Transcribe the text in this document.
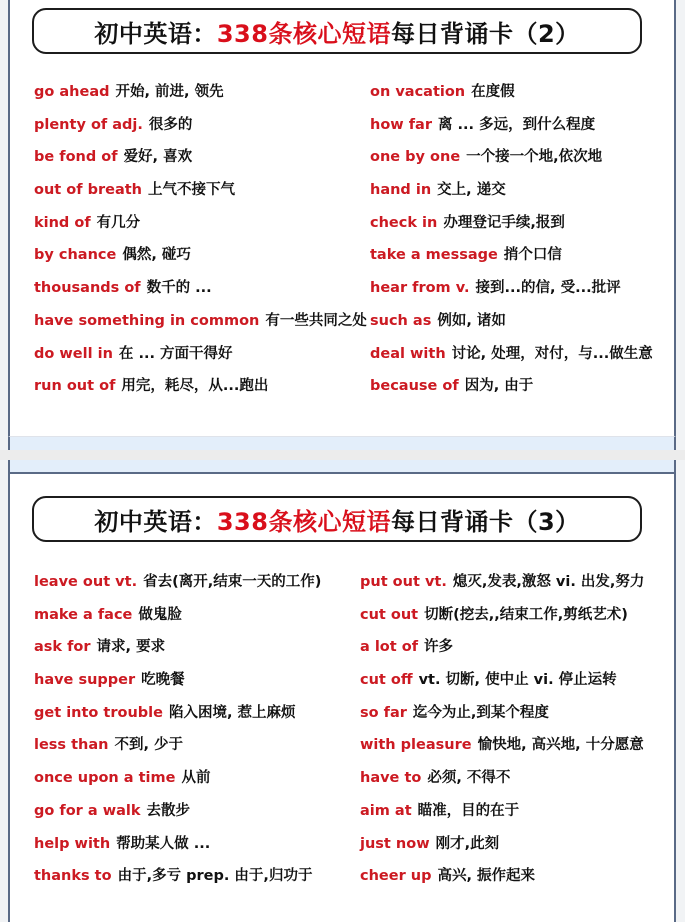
初中英语： 338条核心短语 每日背诵卡（2）
go ahead 开始, 前进, 领先
plenty of adj. 很多的
be fond of 爱好, 喜欢
out of breath 上气不接下气
kind of 有几分
by chance 偶然, 碰巧
thousands of 数千的 ...
have something in common 有一些共同之处
do well in 在 ... 方面干得好
run out of 用完，耗尽，从...跑出
on vacation 在度假
how far 离 ... 多远，到什么程度
one by one 一个接一个地,依次地
hand in 交上, 递交
check in 办理登记手续,报到
take a message 捎个口信
hear from v. 接到...的信, 受...批评
such as 例如, 诸如
deal with 讨论, 处理，对付，与...做生意
because of 因为, 由于
初中英语： 338条核心短语 每日背诵卡（3）
leave out vt. 省去(离开,结束一天的工作)
make a face 做鬼脸
ask for 请求, 要求
have supper 吃晚餐
get into trouble 陷入困境, 惹上麻烦
less than 不到, 少于
once upon a time 从前
go for a walk 去散步
help with 帮助某人做 ...
thanks to 由于,多亏 prep. 由于,归功于
put out vt. 熄灭,发表,激怒 vi. 出发,努力
cut out 切断(挖去,,结束工作,剪纸艺术)
a lot of 许多
cut off vt. 切断, 使中止 vi. 停止运转
so far 迄今为止,到某个程度
with pleasure 愉快地, 高兴地, 十分愿意
have to 必须, 不得不
aim at 瞄准，目的在于
just now 刚才,此刻
cheer up 高兴, 振作起来
